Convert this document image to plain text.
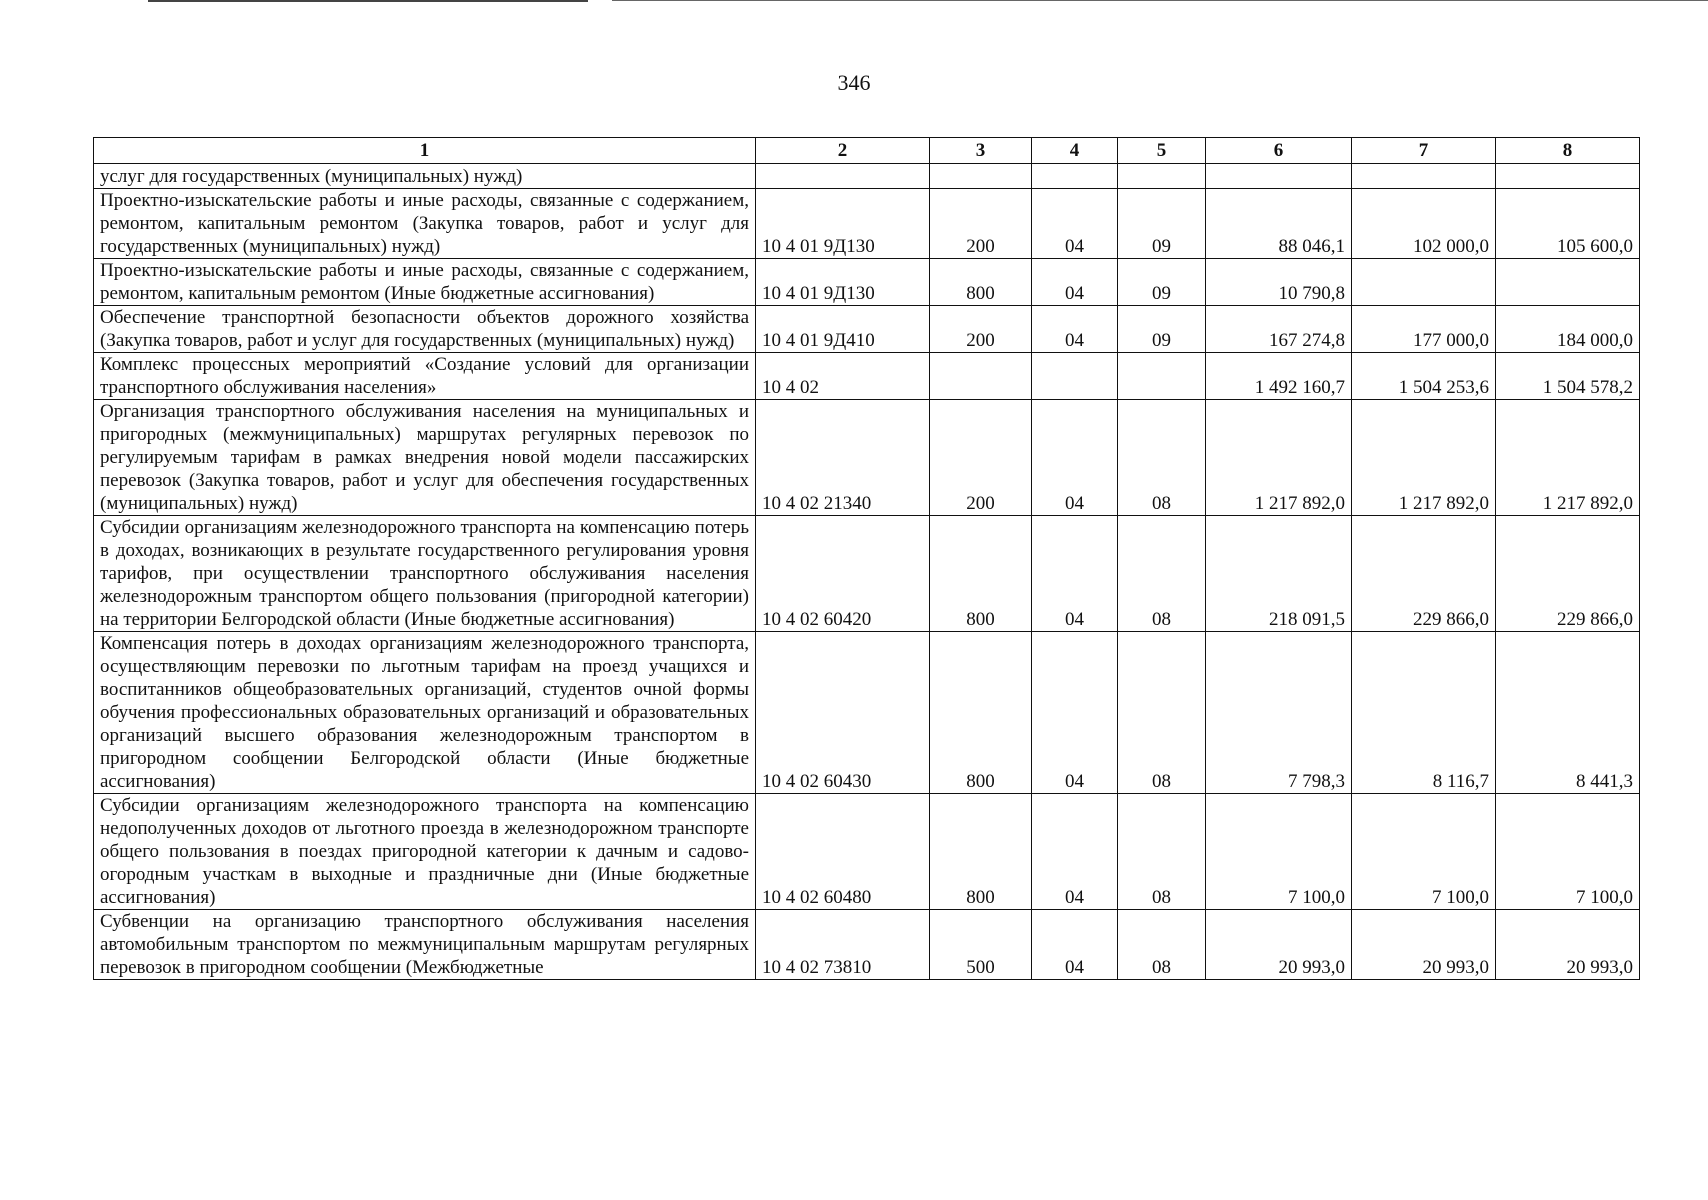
346
1	2	3	4	5	6	7	8
услуг для государственных (муниципальных) нужд)							
Проектно-изыскательские работы и иные расходы, связанные с содержанием, ремонтом, капитальным ремонтом (Закупка товаров, работ и услуг для государственных (муниципальных) нужд)	10 4 01 9Д130	200	04	09	88 046,1	102 000,0	105 600,0
Проектно-изыскательские работы и иные расходы, связанные с содержанием, ремонтом, капитальным ремонтом (Иные бюджетные ассигнования)	10 4 01 9Д130	800	04	09	10 790,8		
Обеспечение транспортной безопасности объектов дорожного хозяйства (Закупка товаров, работ и услуг для государственных (муниципальных) нужд)	10 4 01 9Д410	200	04	09	167 274,8	177 000,0	184 000,0
Комплекс процессных мероприятий «Создание условий для организации транспортного обслуживания населения»	10 4 02				1 492 160,7	1 504 253,6	1 504 578,2
Организация транспортного обслуживания населения на муниципальных и пригородных (межмуниципальных) маршрутах регулярных перевозок по регулируемым тарифам в рамках внедрения новой модели пассажирских перевозок (Закупка товаров, работ и услуг для обеспечения государственных (муниципальных) нужд)	10 4 02 21340	200	04	08	1 217 892,0	1 217 892,0	1 217 892,0
Субсидии организациям железнодорожного транспорта на компенсацию потерь в доходах, возникающих в результате государственного регулирования уровня тарифов, при осуществлении транспортного обслуживания населения железнодорожным транспортом общего пользования (пригородной категории) на территории Белгородской области (Иные бюджетные ассигнования)	10 4 02 60420	800	04	08	218 091,5	229 866,0	229 866,0
Компенсация потерь в доходах организациям железнодорожного транспорта, осуществляющим перевозки по льготным тарифам на проезд учащихся и воспитанников общеобразовательных организаций, студентов очной формы обучения профессиональных образовательных организаций и образовательных организаций высшего образования железнодорожным транспортом в пригородном сообщении Белгородской области (Иные бюджетные ассигнования)	10 4 02 60430	800	04	08	7 798,3	8 116,7	8 441,3
Субсидии организациям железнодорожного транспорта на компенсацию недополученных доходов от льготного проезда в железнодорожном транспорте общего пользования в поездах пригородной категории к дачным и садово-огородным участкам в выходные и праздничные дни (Иные бюджетные ассигнования)	10 4 02 60480	800	04	08	7 100,0	7 100,0	7 100,0
Субвенции на организацию транспортного обслуживания населения автомобильным транспортом по межмуниципальным маршрутам регулярных перевозок в пригородном сообщении (Межбюджетные	10 4 02 73810	500	04	08	20 993,0	20 993,0	20 993,0
